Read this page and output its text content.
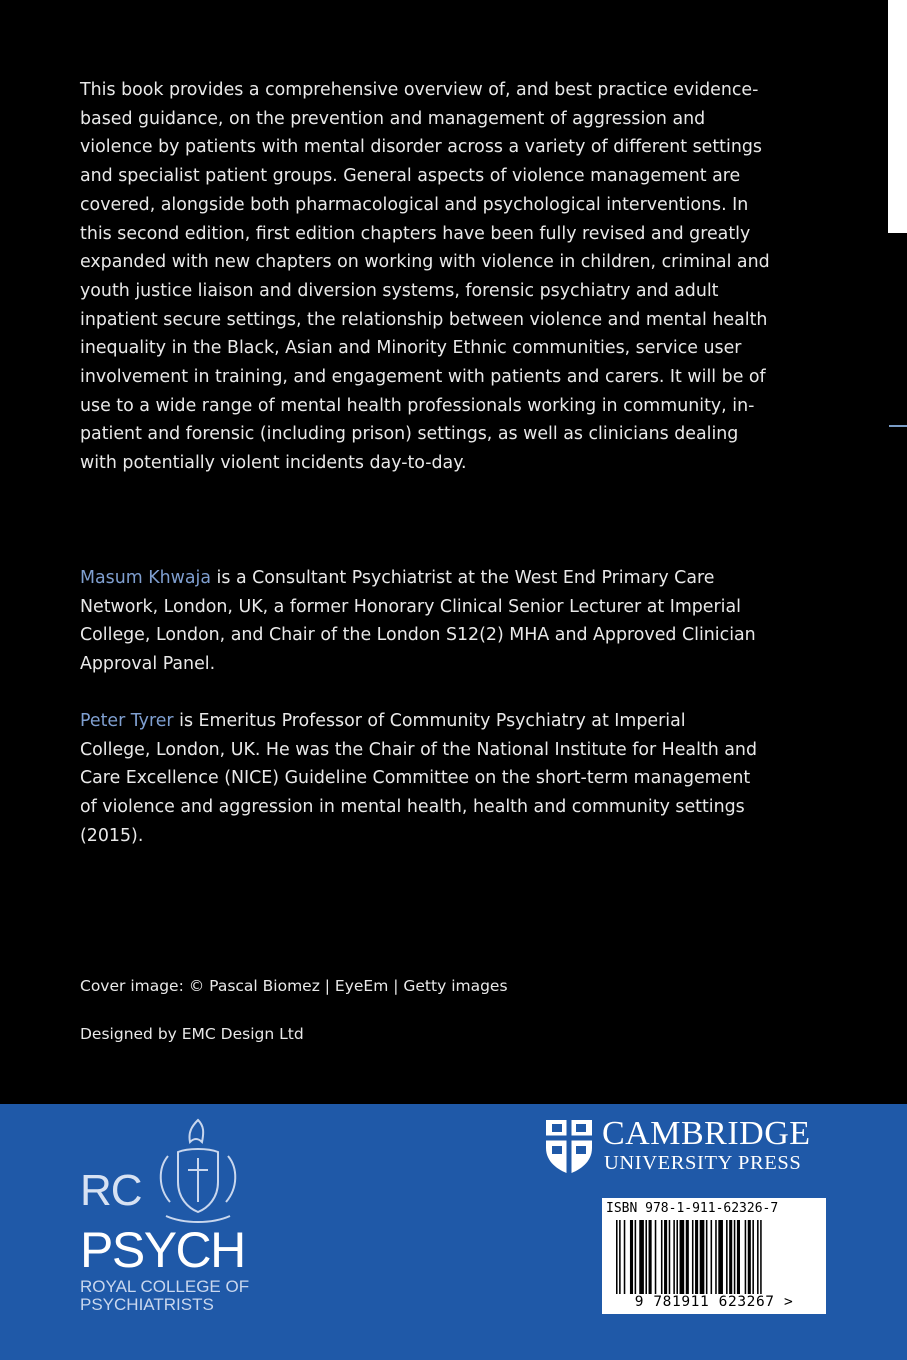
This book provides a comprehensive overview of, and best practice evidence-based guidance, on the prevention and management of aggression and violence by patients with mental disorder across a variety of different settings and specialist patient groups. General aspects of violence management are covered, alongside both pharmacological and psychological interventions. In this second edition, first edition chapters have been fully revised and greatly expanded with new chapters on working with violence in children, criminal and youth justice liaison and diversion systems, forensic psychiatry and adult inpatient secure settings, the relationship between violence and mental health inequality in the Black, Asian and Minority Ethnic communities, service user involvement in training, and engagement with patients and carers. It will be of use to a wide range of mental health professionals working in community, in-patient and forensic (including prison) settings, as well as clinicians dealing with potentially violent incidents day-to-day.

Masum Khwaja is a Consultant Psychiatrist at the West End Primary Care Network, London, UK, a former Honorary Clinical Senior Lecturer at Imperial College, London, and Chair of the London S12(2) MHA and Approved Clinician Approval Panel.

Peter Tyrer is Emeritus Professor of Community Psychiatry at Imperial College, London, UK. He was the Chair of the National Institute for Health and Care Excellence (NICE) Guideline Committee on the short-term management of violence and aggression in mental health, health and community settings (2015).

Cover image: © Pascal Biomez | EyeEm | Getty images

Designed by EMC Design Ltd

RC

PSYCH

ROYAL COLLEGE OF
PSYCHIATRISTS

CAMBRIDGE

UNIVERSITY PRESS

ISBN 978-1-911-62326-7

9 781911 623267 >
